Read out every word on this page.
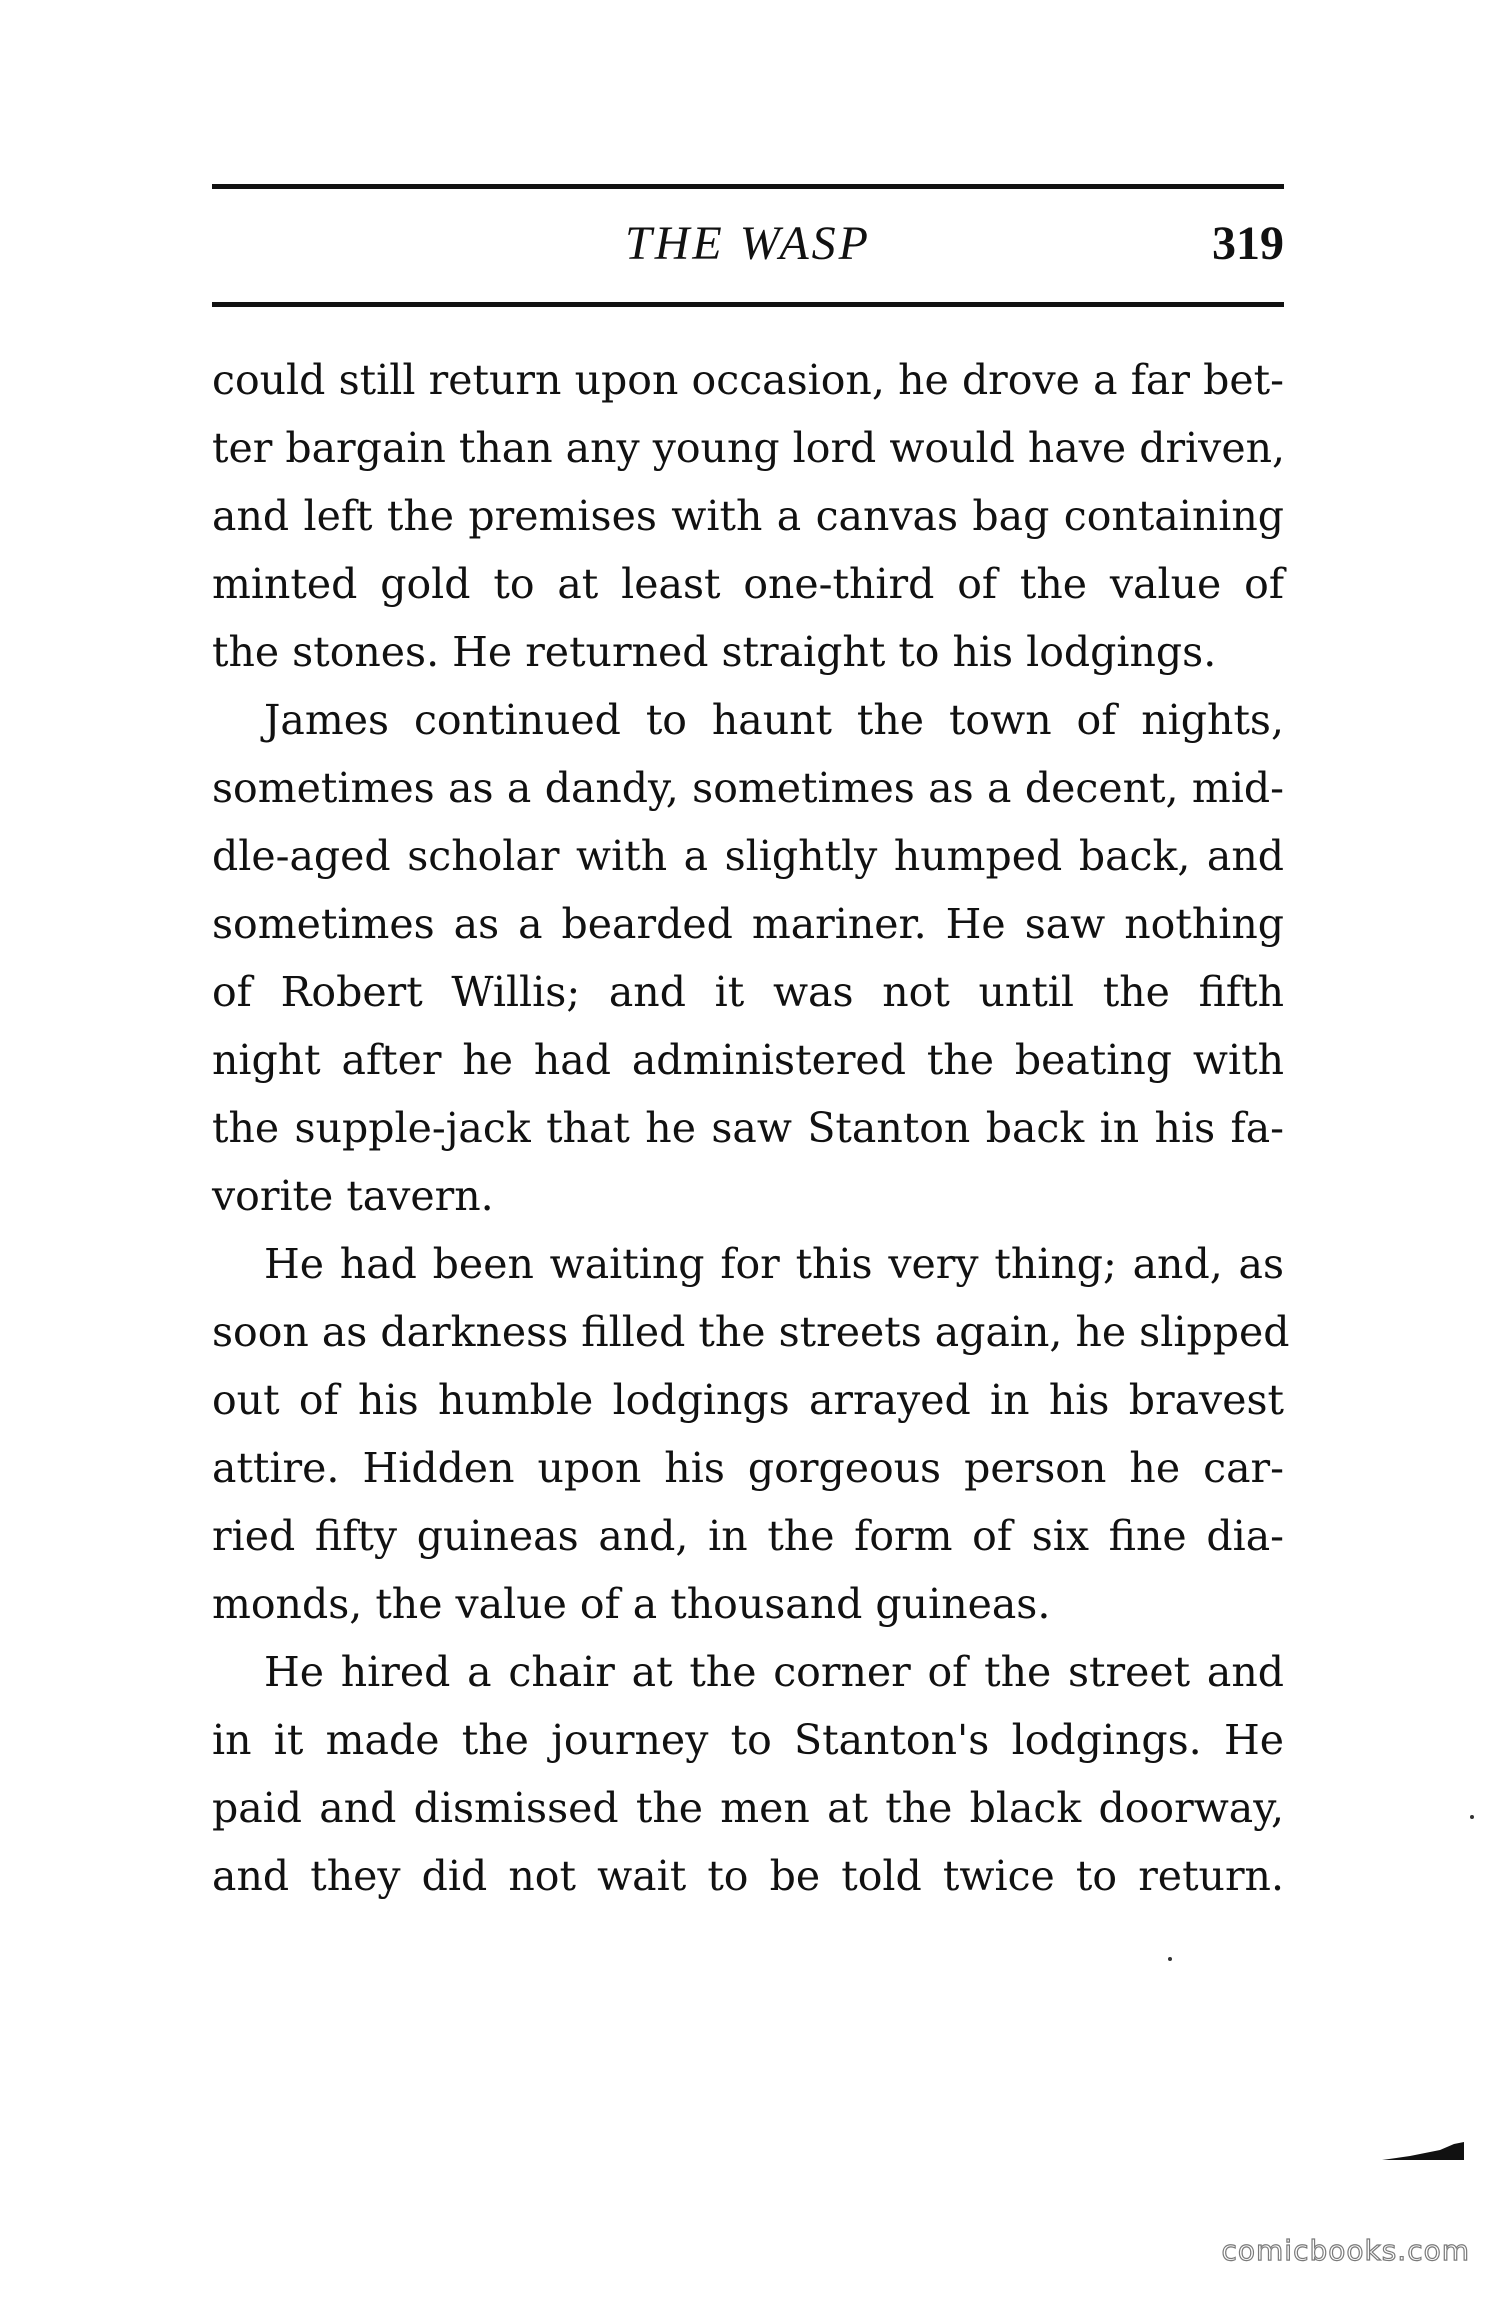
THE WASP	319
could still return upon occasion, he drove a far bet-
ter bargain than any young lord would have driven,
and left the premises with a canvas bag containing
minted gold to at least one-third of the value of
the stones. He returned straight to his lodgings.
James continued to haunt the town of nights,
sometimes as a dandy, sometimes as a decent, mid-
dle-aged scholar with a slightly humped back, and
sometimes as a bearded mariner. He saw nothing
of Robert Willis; and it was not until the fifth
night after he had administered the beating with
the supple-jack that he saw Stanton back in his fa-
vorite tavern.
He had been waiting for this very thing; and, as
soon as darkness filled the streets again, he slipped
out of his humble lodgings arrayed in his bravest
attire. Hidden upon his gorgeous person he car-
ried fifty guineas and, in the form of six fine dia-
monds, the value of a thousand guineas.
He hired a chair at the corner of the street and
in it made the journey to Stanton's lodgings. He
paid and dismissed the men at the black doorway,
and they did not wait to be told twice to return.
comicbooks.com
